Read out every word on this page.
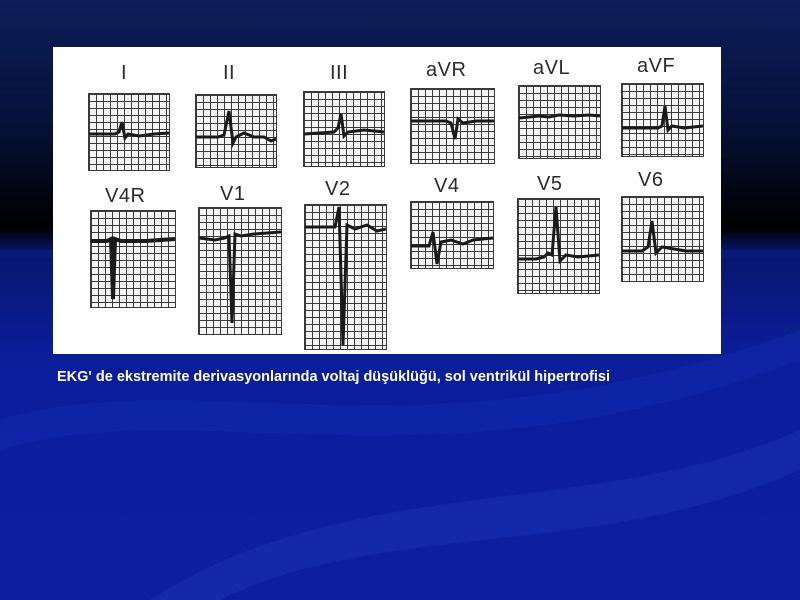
I	II	III	aVR	aVL	aVF
V4R	V1	V2	V4	V5	V6
EKG' de ekstremite derivasyonlarında voltaj düşüklüğü, sol ventrikül hipertrofisi
